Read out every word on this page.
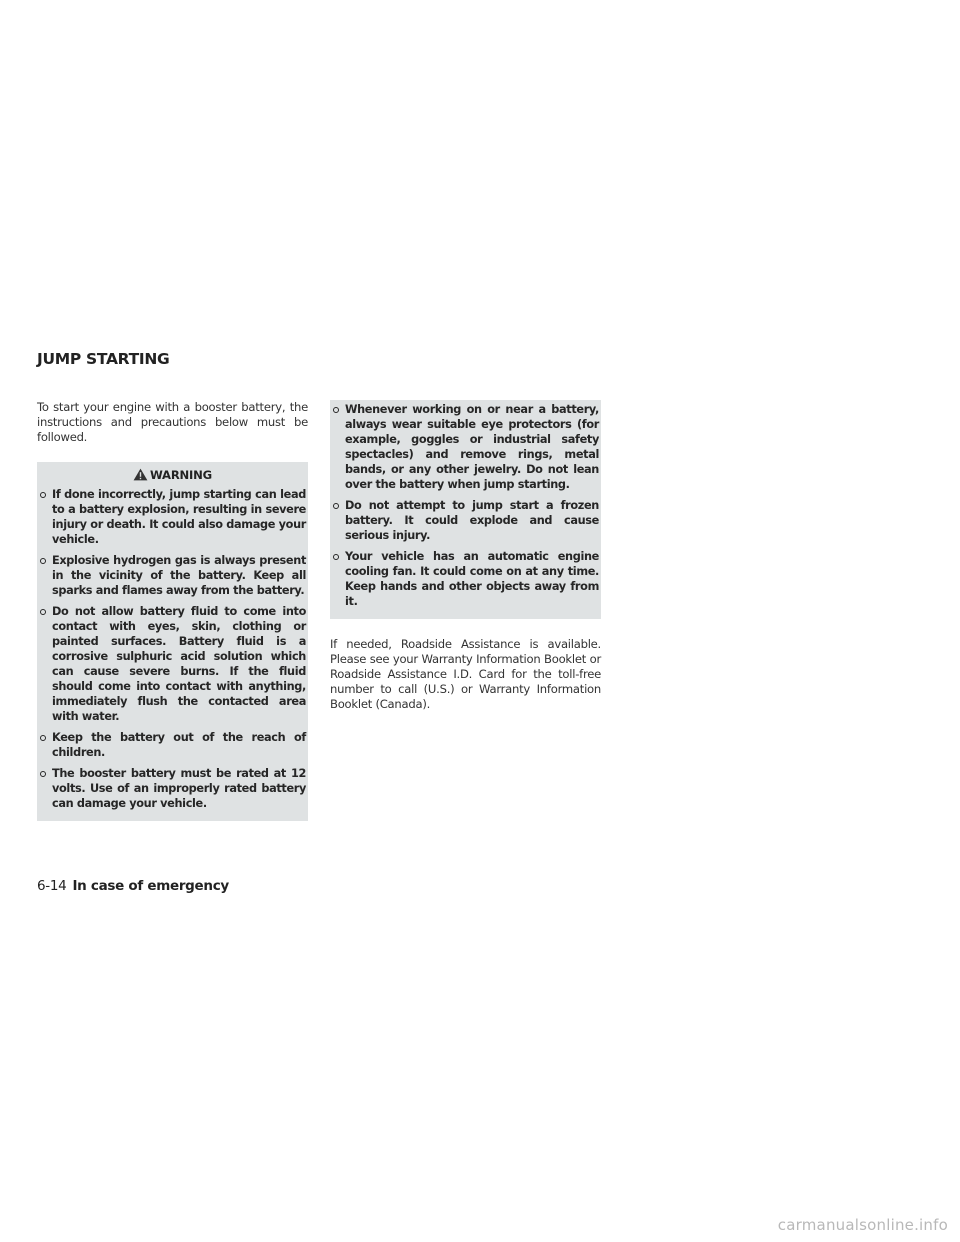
JUMP STARTING

To start your engine with a booster battery, the instructions and precautions below must be followed.

WARNING
If done incorrectly, jump starting can lead to a battery explosion, resulting in severe injury or death. It could also damage your vehicle.
Explosive hydrogen gas is always present in the vicinity of the battery. Keep all sparks and flames away from the battery.
Do not allow battery fluid to come into contact with eyes, skin, clothing or painted surfaces. Battery fluid is a corrosive sulphuric acid solution which can cause severe burns. If the fluid should come into contact with anything, immediately flush the contacted area with water.
Keep the battery out of the reach of children.
The booster battery must be rated at 12 volts. Use of an improperly rated battery can damage your vehicle.
Whenever working on or near a battery, always wear suitable eye protectors (for example, goggles or industrial safety spectacles) and remove rings, metal bands, or any other jewelry. Do not lean over the battery when jump starting.
Do not attempt to jump start a frozen battery. It could explode and cause serious injury.
Your vehicle has an automatic engine cooling fan. It could come on at any time. Keep hands and other objects away from it.

If needed, Roadside Assistance is available. Please see your Warranty Information Booklet or Roadside Assistance I.D. Card for the toll-free number to call (U.S.) or Warranty Information Booklet (Canada).

6-14 In case of emergency
carmanualsonline.info
